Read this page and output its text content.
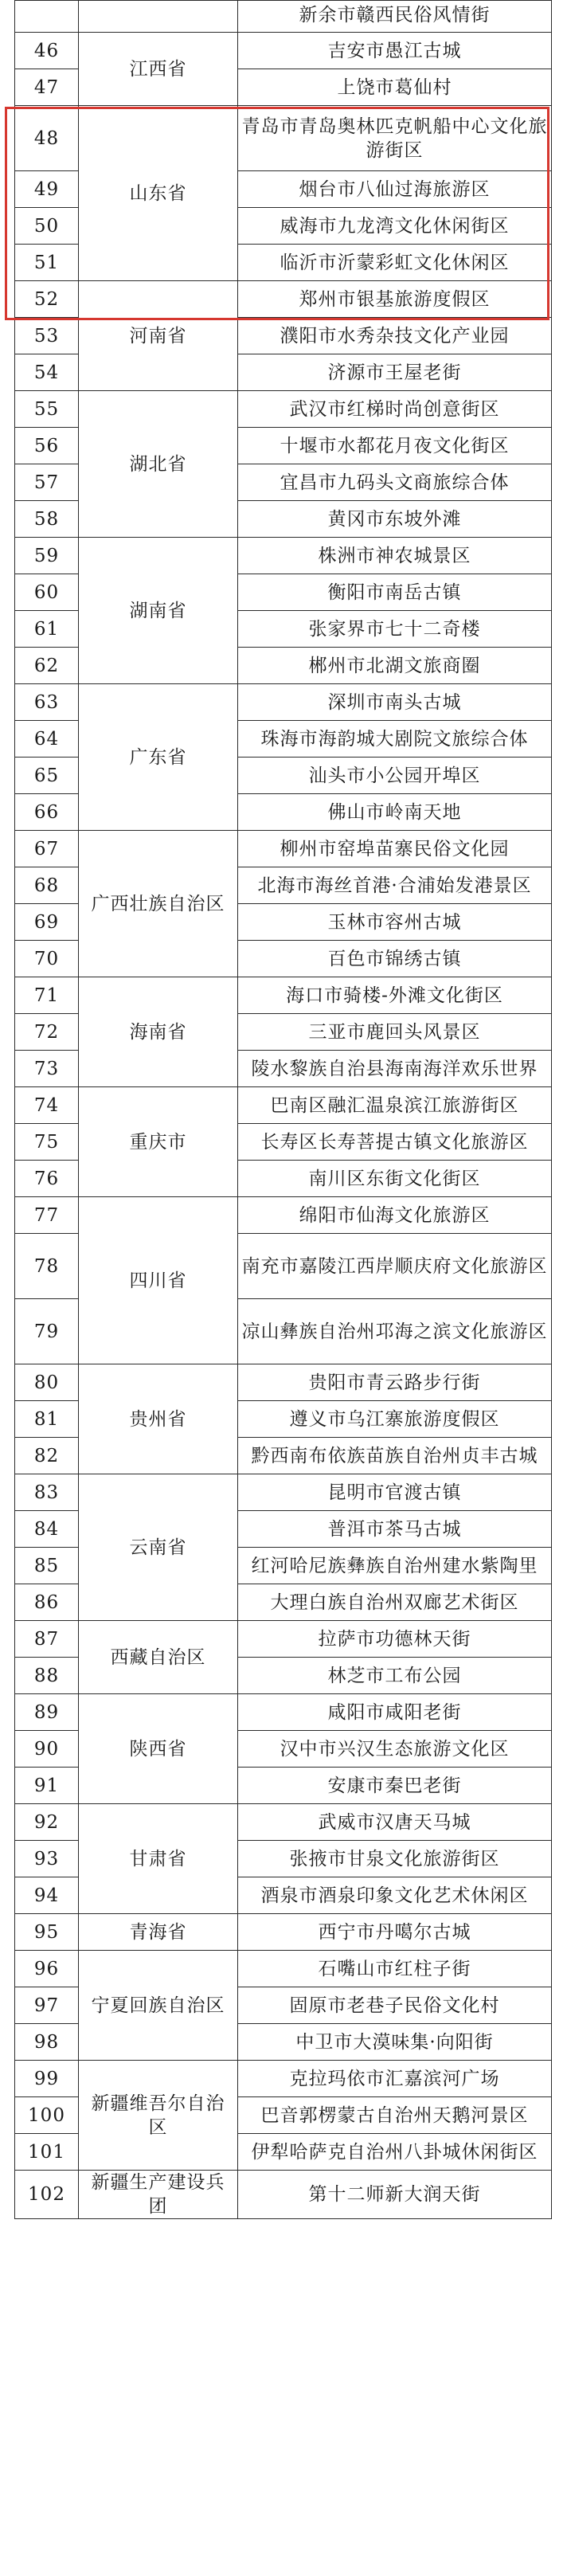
		新余市赣西民俗风情街
46	江西省	吉安市愚江古城
47		上饶市葛仙村
48	山东省	青岛市青岛奥林匹克帆船中心文化旅游街区
49		烟台市八仙过海旅游区
50		威海市九龙湾文化休闲街区
51		临沂市沂蒙彩虹文化休闲区
52	河南省	郑州市银基旅游度假区
53		濮阳市水秀杂技文化产业园
54		济源市王屋老街
55	湖北省	武汉市红梯时尚创意街区
56		十堰市水都花月夜文化街区
57		宜昌市九码头文商旅综合体
58		黄冈市东坡外滩
59	湖南省	株洲市神农城景区
60		衡阳市南岳古镇
61		张家界市七十二奇楼
62		郴州市北湖文旅商圈
63	广东省	深圳市南头古城
64		珠海市海韵城大剧院文旅综合体
65		汕头市小公园开埠区
66		佛山市岭南天地
67	广西壮族自治区	柳州市窑埠苗寨民俗文化园
68		北海市海丝首港·合浦始发港景区
69		玉林市容州古城
70		百色市锦绣古镇
71	海南省	海口市骑楼-外滩文化街区
72		三亚市鹿回头风景区
73		陵水黎族自治县海南海洋欢乐世界
74	重庆市	巴南区融汇温泉滨江旅游街区
75		长寿区长寿菩提古镇文化旅游区
76		南川区东街文化街区
77	四川省	绵阳市仙海文化旅游区
78		南充市嘉陵江西岸顺庆府文化旅游区
79		凉山彝族自治州邛海之滨文化旅游区
80	贵州省	贵阳市青云路步行街
81		遵义市乌江寨旅游度假区
82		黔西南布依族苗族自治州贞丰古城
83	云南省	昆明市官渡古镇
84		普洱市茶马古城
85		红河哈尼族彝族自治州建水紫陶里
86		大理白族自治州双廊艺术街区
87	西藏自治区	拉萨市功德林天街
88		林芝市工布公园
89	陕西省	咸阳市咸阳老街
90		汉中市兴汉生态旅游文化区
91		安康市秦巴老街
92	甘肃省	武威市汉唐天马城
93		张掖市甘泉文化旅游街区
94		酒泉市酒泉印象文化艺术休闲区
95	青海省	西宁市丹噶尔古城
96	宁夏回族自治区	石嘴山市红柱子街
97		固原市老巷子民俗文化村
98		中卫市大漠味集·向阳街
99	新疆维吾尔自治区	克拉玛依市汇嘉滨河广场
100		巴音郭楞蒙古自治州天鹅河景区
101		伊犁哈萨克自治州八卦城休闲街区
102	新疆生产建设兵团	第十二师新大润天街
